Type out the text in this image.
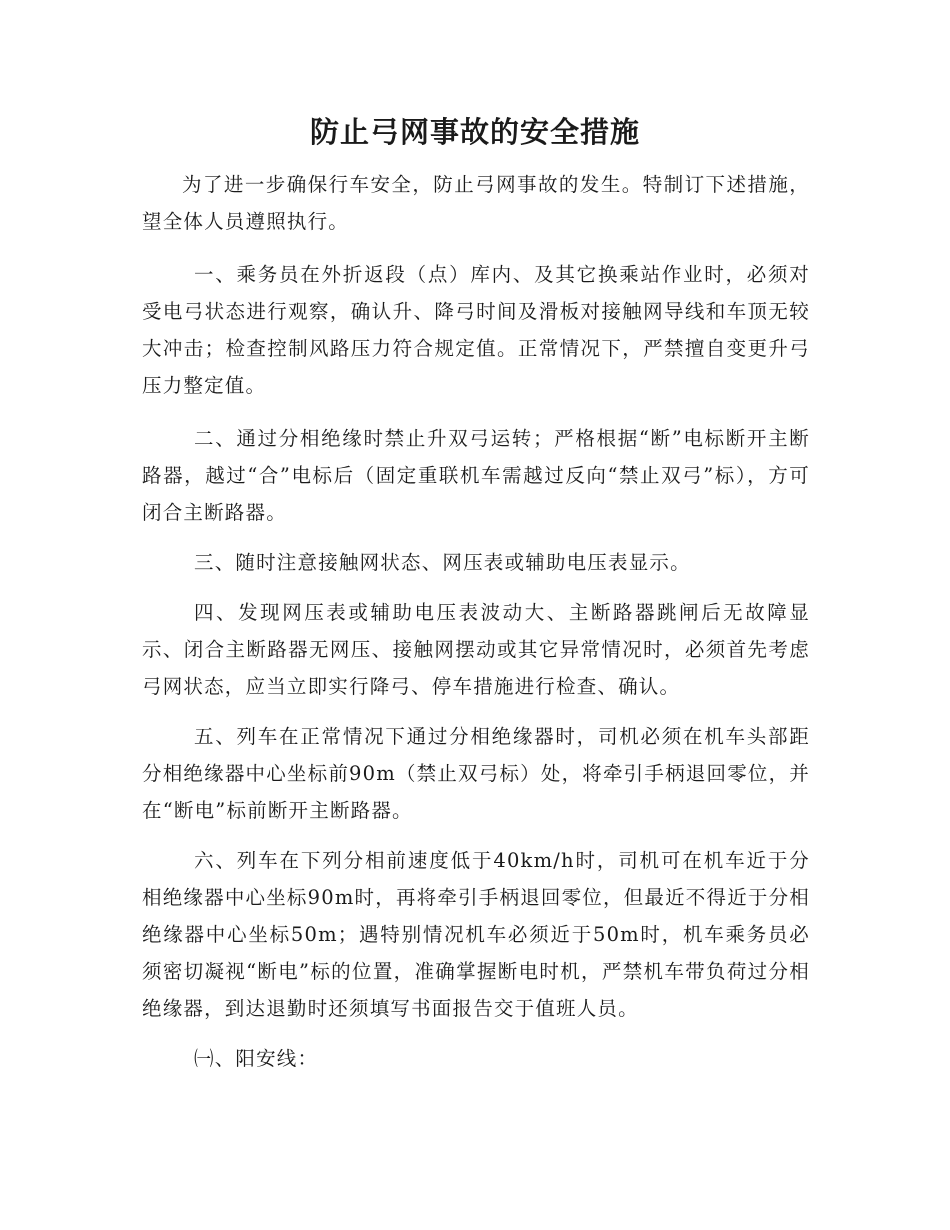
防止弓网事故的安全措施

为了进一步确保行车安全，防止弓网事故的发生。特制订下述措施，望全体人员遵照执行。

一、乘务员在外折返段（点）库内、及其它换乘站作业时，必须对受电弓状态进行观察，确认升、降弓时间及滑板对接触网导线和车顶无较大冲击；检查控制风路压力符合规定值。正常情况下，严禁擅自变更升弓压力整定值。

二、通过分相绝缘时禁止升双弓运转；严格根据“断”电标断开主断路器，越过“合”电标后（固定重联机车需越过反向“禁止双弓”标），方可闭合主断路器。

三、随时注意接触网状态、网压表或辅助电压表显示。

四、发现网压表或辅助电压表波动大、主断路器跳闸后无故障显示、闭合主断路器无网压、接触网摆动或其它异常情况时，必须首先考虑弓网状态，应当立即实行降弓、停车措施进行检查、确认。

五、列车在正常情况下通过分相绝缘器时，司机必须在机车头部距分相绝缘器中心坐标前90m（禁止双弓标）处，将牵引手柄退回零位，并在“断电”标前断开主断路器。

六、列车在下列分相前速度低于40km/h时，司机可在机车近于分相绝缘器中心坐标90m时，再将牵引手柄退回零位，但最近不得近于分相绝缘器中心坐标50m；遇特别情况机车必须近于50m时，机车乘务员必须密切凝视“断电”标的位置，准确掌握断电时机，严禁机车带负荷过分相绝缘器，到达退勤时还须填写书面报告交于值班人员。

㈠、阳安线：
